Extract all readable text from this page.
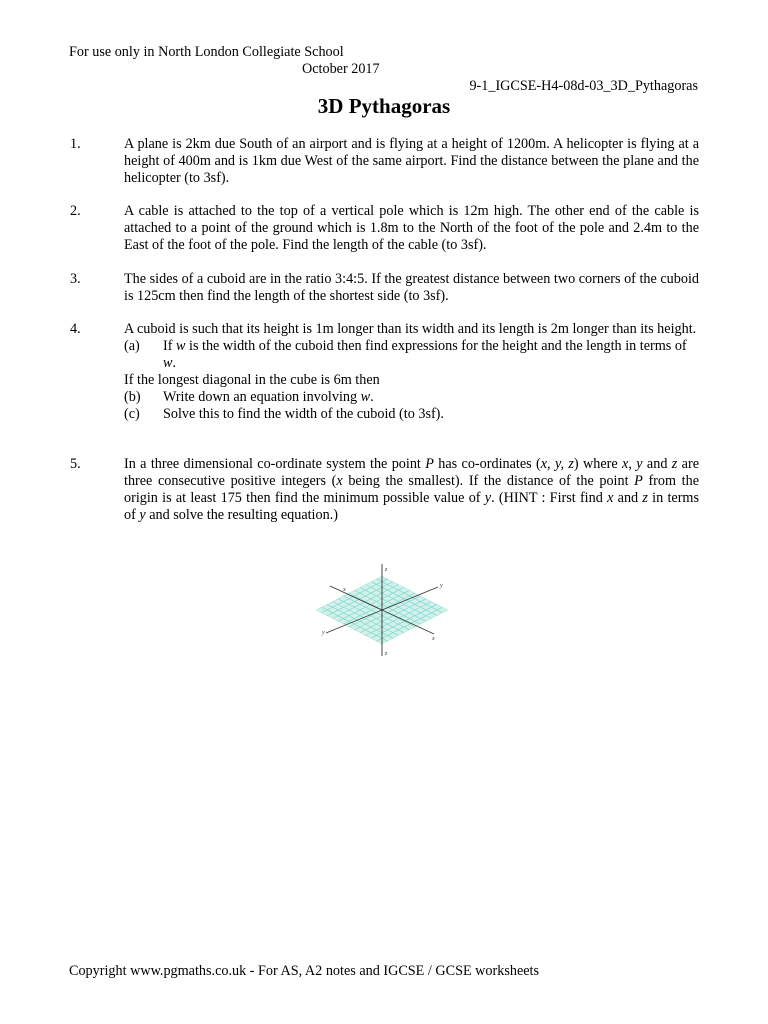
For use only in North London Collegiate School
October 2017
9-1_IGCSE-H4-08d-03_3D_Pythagoras
3D Pythagoras
1.	A plane is 2km due South of an airport and is flying at a height of 1200m. A helicopter is flying at a height of 400m and is 1km due West of the same airport. Find the distance between the plane and the helicopter (to 3sf).

2.	A cable is attached to the top of a vertical pole which is 12m high. The other end of the cable is attached to a point of the ground which is 1.8m to the North of the foot of the pole and 2.4m to the East of the foot of the pole. Find the length of the cable (to 3sf).

3.	The sides of a cuboid are in the ratio 3:4:5. If the greatest distance between two corners of the cuboid is 125cm then find the length of the shortest side (to 3sf).

4.	A cuboid is such that its height is 1m longer than its width and its length is 2m longer than its height.

(a) If w is the width of the cuboid then find expressions for the height and the length in terms of w.

If the longest diagonal in the cube is 6m then

(b) Write down an equation involving w.
(c) Solve this to find the width of the cuboid (to 3sf).
5.	In a three dimensional co-ordinate system the point P has co-ordinates (x, y, z) where x, y and z are three consecutive positive integers (x being the smallest). If the distance of the point P from the origin is at least 175 then find the minimum possible value of y. (HINT : First find x and z in terms of y and solve the resulting equation.)

z
z
x
y
x
y
Copyright www.pgmaths.co.uk - For AS, A2 notes and IGCSE / GCSE worksheets
